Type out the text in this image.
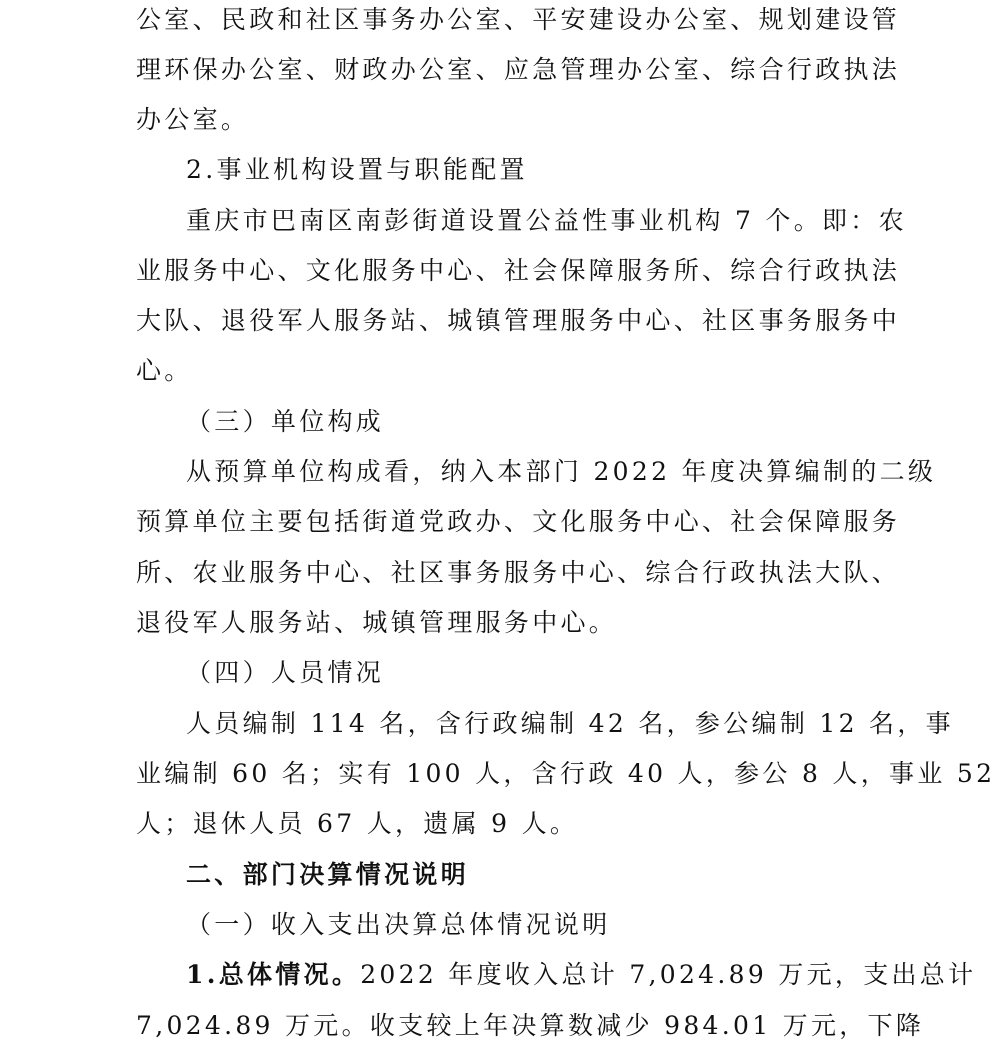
公室、民政和社区事务办公室、平安建设办公室、规划建设管
理环保办公室、财政办公室、应急管理办公室、综合行政执法
办公室。
2.事业机构设置与职能配置
重庆市巴南区南彭街道设置公益性事业机构 7 个。即：农
业服务中心、文化服务中心、社会保障服务所、综合行政执法
大队、退役军人服务站、城镇管理服务中心、社区事务服务中
心。
（三）单位构成
从预算单位构成看，纳入本部门 2022 年度决算编制的二级
预算单位主要包括街道党政办、文化服务中心、社会保障服务
所、农业服务中心、社区事务服务中心、综合行政执法大队、
退役军人服务站、城镇管理服务中心。
（四）人员情况
人员编制 114 名，含行政编制 42 名，参公编制 12 名，事
业编制 60 名；实有 100 人，含行政 40 人，参公 8 人，事业 52
人；退休人员 67 人，遗属 9 人。
二、部门决算情况说明
（一）收入支出决算总体情况说明
1.总体情况。2022 年度收入总计 7,024.89 万元，支出总计
7,024.89 万元。收支较上年决算数减少 984.01 万元，下降
